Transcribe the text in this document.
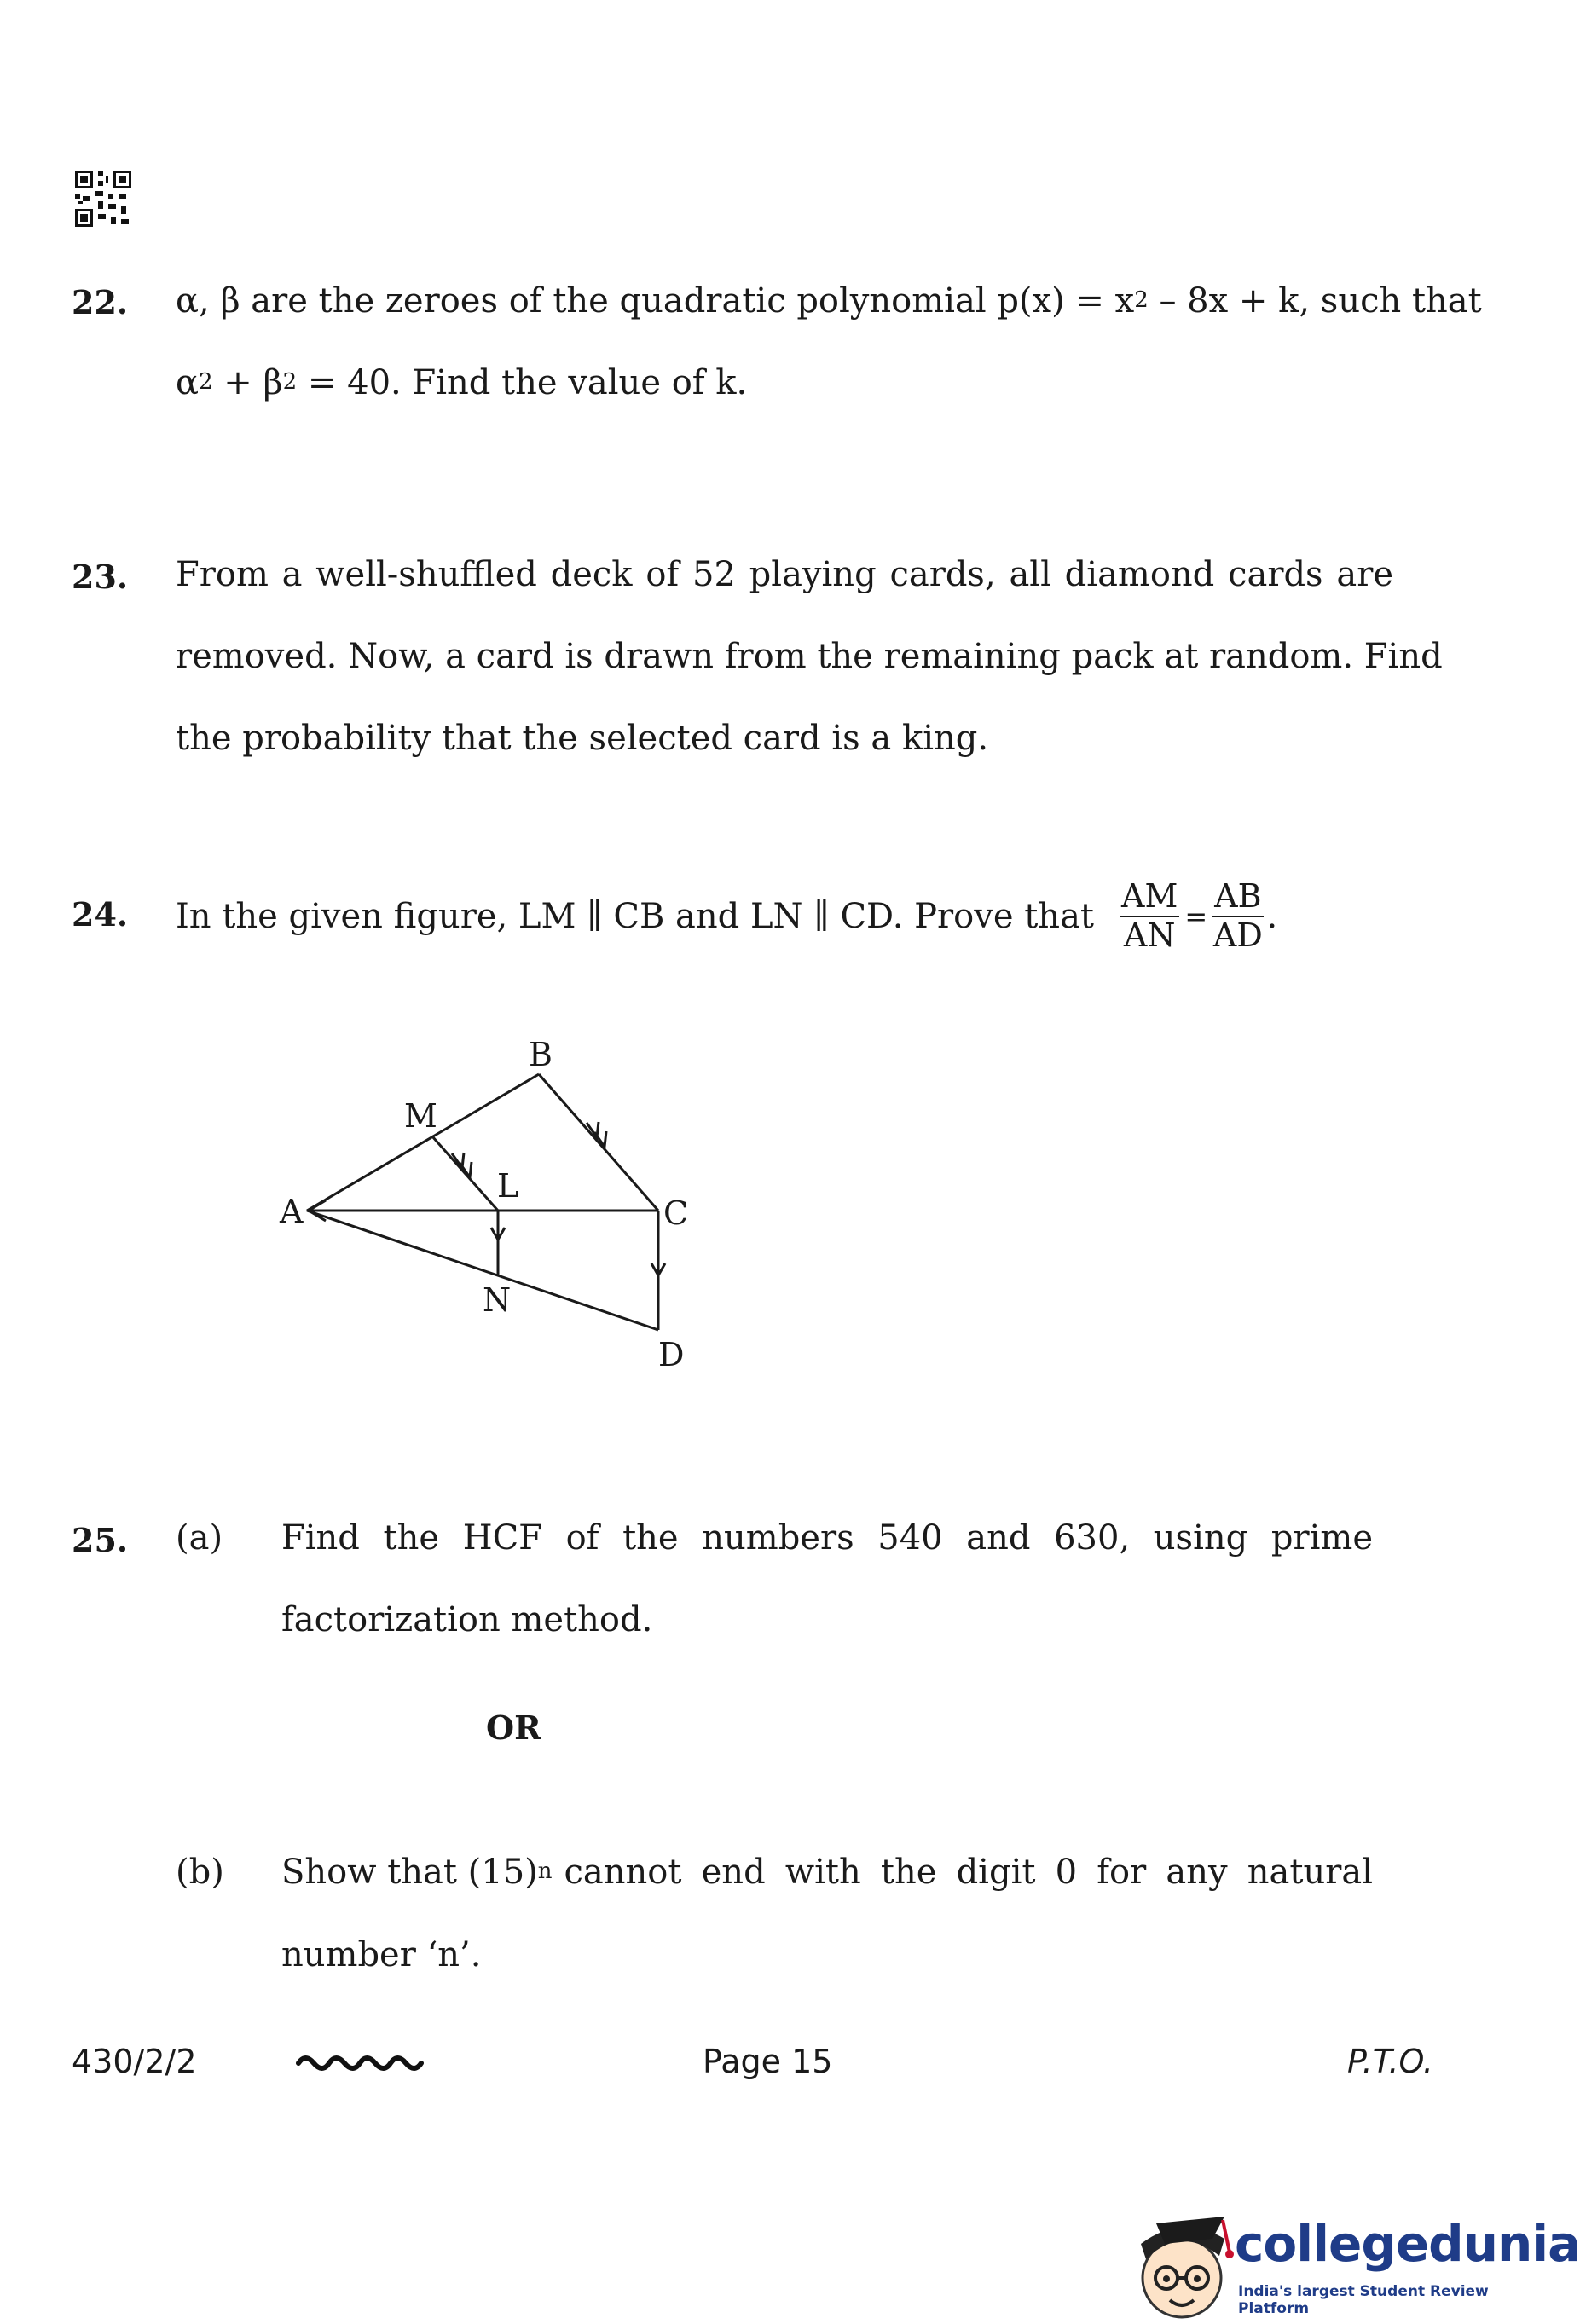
22. α, β are the zeroes of the quadratic polynomial $p(x) = x^2 - 8x + k$, such that
$\alpha^2 + \beta^2 = 40$. Find the value of k.
23. From a well-shuffled deck of 52 playing cards, all diamond cards are
removed. Now, a card is drawn from the remaining pack at random. Find
the probability that the selected card is a king.
24. In the given figure, LM ∥ CB and LN ∥ CD. Prove that $\frac{AM}{AN} = \frac{AB}{AD}$ .
A
B
C
D
L
M
N
25. (a) Find the HCF of the numbers 540 and 630, using prime
factorization method.
OR
(b) Show that $(15)^n$ cannot end with the digit 0 for any natural
number ‘n’.
430/2/2	Page 15	P.T.O.
collegedunia
India's largest Student Review Platform
